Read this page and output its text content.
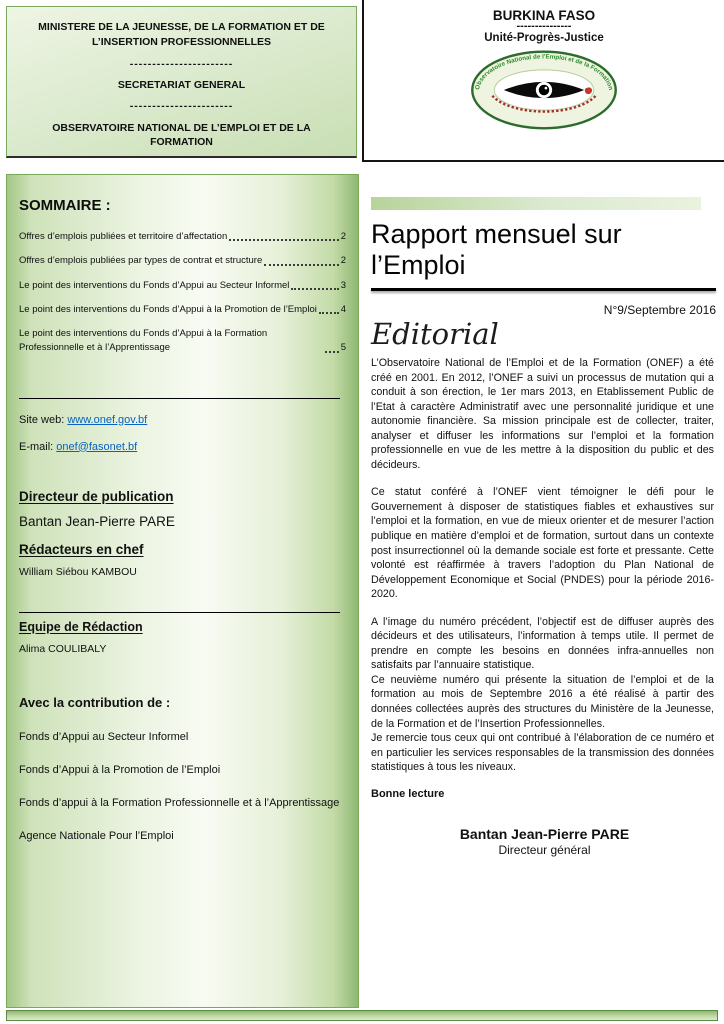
MINISTERE DE LA JEUNESSE, DE LA FORMATION ET DE L’INSERTION PROFESSIONNELLES
-----------------------
SECRETARIAT GENERAL
-----------------------
OBSERVATOIRE NATIONAL DE L’EMPLOI ET DE LA FORMATION
BURKINA FASO
---------------
Unité-Progrès-Justice
Observatoire National de l’Emploi et de la Formation
SOMMAIRE :
Offres d’emplois publiées et territoire d’affectation	2
Offres d’emplois publiées par types de contrat et structure	2
Le point des interventions du Fonds d’Appui au Secteur Informel	3
Le point des interventions du Fonds d’Appui à la Promotion de l’Emploi	4
Le point des interventions du Fonds d’Appui à la Formation Professionnelle et à l’Apprentissage	5

Site web: www.onef.gov.bf

E-mail: onef@fasonet.bf

Directeur de publication
Bantan Jean-Pierre PARE
Rédacteurs en chef
William Siébou KAMBOU
Equipe de Rédaction
Alima COULIBALY
Avec la contribution de :
Fonds d’Appui au Secteur Informel
Fonds d’Appui à la Promotion de l’Emploi
Fonds d’appui à la Formation Professionnelle et à l’Apprentissage
Agence Nationale Pour l’Emploi
Rapport mensuel sur l’Emploi
N°9/Septembre 2016
Editorial

L’Observatoire National de l’Emploi et de la Formation (ONEF) a été créé en 2001. En 2012, l’ONEF a suivi un processus de mutation qui a conduit à son érection, le 1er mars 2013, en Etablissement Public de l’Etat à caractère Administratif avec une personnalité juridique et une autonomie financière. Sa mission principale est de collecter, traiter, analyser et diffuser les informations sur l’emploi et la formation professionnelle en vue de les mettre à la disposition du public et des décideurs.

Ce statut conféré à l’ONEF vient témoigner le défi pour le Gouvernement à disposer de statistiques fiables et exhaustives sur l’emploi et la formation, en vue de mieux orienter et de mesurer l’action publique en matière d’emploi et de formation, surtout dans un contexte post insurrectionnel où la demande sociale est forte et pressante. Cette volonté est réaffirmée à travers l’adoption du Plan National de Développement Economique et Social (PNDES) pour la période 2016-2020.

A l’image du numéro précédent, l’objectif est de diffuser auprès des décideurs et des utilisateurs, l’information à temps utile. Il permet de prendre en compte les besoins en données infra-annuelles non satisfaits par l’annuaire statistique.

Ce neuvième numéro qui présente la situation de l’emploi et de la formation au mois de Septembre 2016 a été réalisé à partir des données collectées auprès des structures du Ministère de la Jeunesse, de la Formation et de l’Insertion Professionnelles.

Je remercie tous ceux qui ont contribué à l’élaboration de ce numéro et en particulier les services responsables de la transmission des données statistiques à tous les niveaux.

Bonne lecture

Bantan Jean-Pierre PARE
Directeur général
